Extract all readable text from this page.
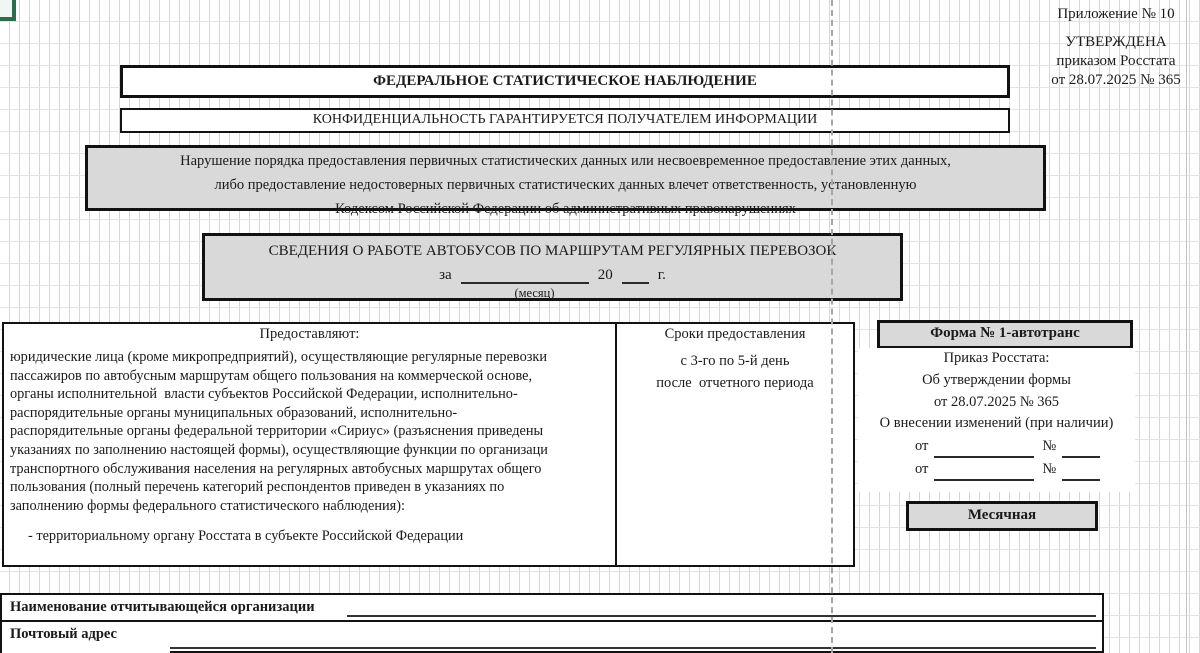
Приложение № 10
УТВЕРЖДЕНА
приказом Росстата
от 28.07.2025 № 365
ФЕДЕРАЛЬНОЕ СТАТИСТИЧЕСКОЕ НАБЛЮДЕНИЕ
КОНФИДЕНЦИАЛЬНОСТЬ ГАРАНТИРУЕТСЯ ПОЛУЧАТЕЛЕМ ИНФОРМАЦИИ
Нарушение порядка предоставления первичных статистических данных или несвоевременное предоставление этих данных,
либо предоставление недостоверных первичных статистических данных влечет ответственность, установленную
Кодексом Российской Федерации об административных правонарушениях
СВЕДЕНИЯ О РАБОТЕ АВТОБУСОВ ПО МАРШРУТАМ РЕГУЛЯРНЫХ ПЕРЕВОЗОК
за	20	г.
(месяц)
Предоставляют:	Сроки предоставления	Форма № 1-автотранс
юридические лица (кроме микропредприятий), осуществляющие регулярные перевозки
пассажиров по автобусным маршрутам общего пользования на коммерческой основе,
органы исполнительной  власти субъектов Российской Федерации, исполнительно-
распорядительные органы муниципальных образований, исполнительно-
распорядительные органы федеральной территории «Сириус» (разъяснения приведены
указаниях по заполнению настоящей формы), осуществляющие функции по организаци
транспортного обслуживания населения на регулярных автобусных маршрутах общего
пользования (полный перечень категорий респондентов приведен в указаниях по
заполнению формы федерального статистического наблюдения):
- территориальному органу Росстата в субъекте Российской Федерации
с 3-го по 5-й день
после  отчетного периода
Приказ Росстата:
Об утверждении формы
от 28.07.2025 № 365
О внесении изменений (при наличии)
от	№
от	№
Месячная
Наименование отчитывающейся организации
Почтовый адрес
